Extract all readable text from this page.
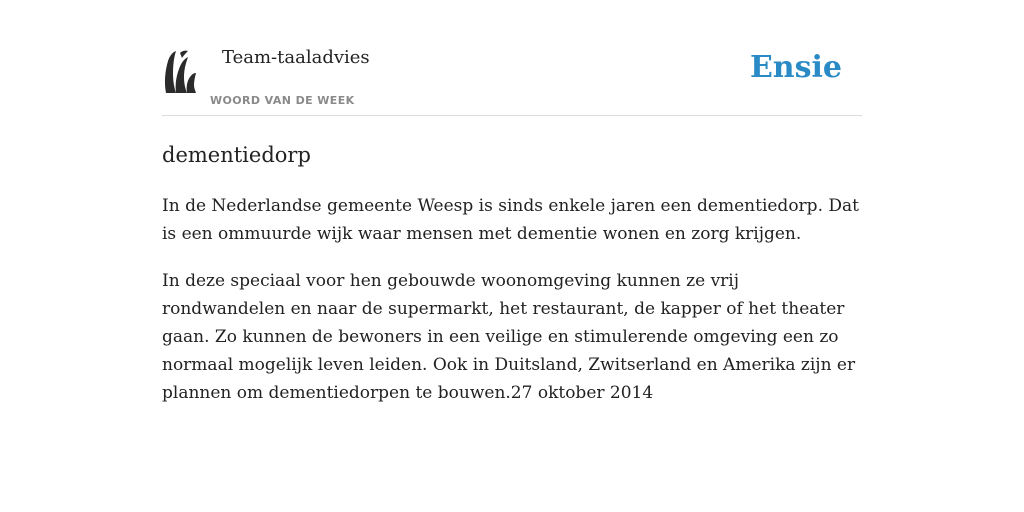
Team-taaladvies
WOORD VAN DE WEEK
Ensie
dementiedorp

In de Nederlandse gemeente Weesp is sinds enkele jaren een dementiedorp. Dat is een ommuurde wijk waar mensen met dementie wonen en zorg krijgen.

In deze speciaal voor hen gebouwde woonomgeving kunnen ze vrij rondwandelen en naar de supermarkt, het restaurant, de kapper of het theater gaan. Zo kunnen de bewoners in een veilige en stimulerende omgeving een zo normaal mogelijk leven leiden. Ook in Duitsland, Zwitserland en Amerika zijn er plannen om dementiedorpen te bouwen.27 oktober 2014
